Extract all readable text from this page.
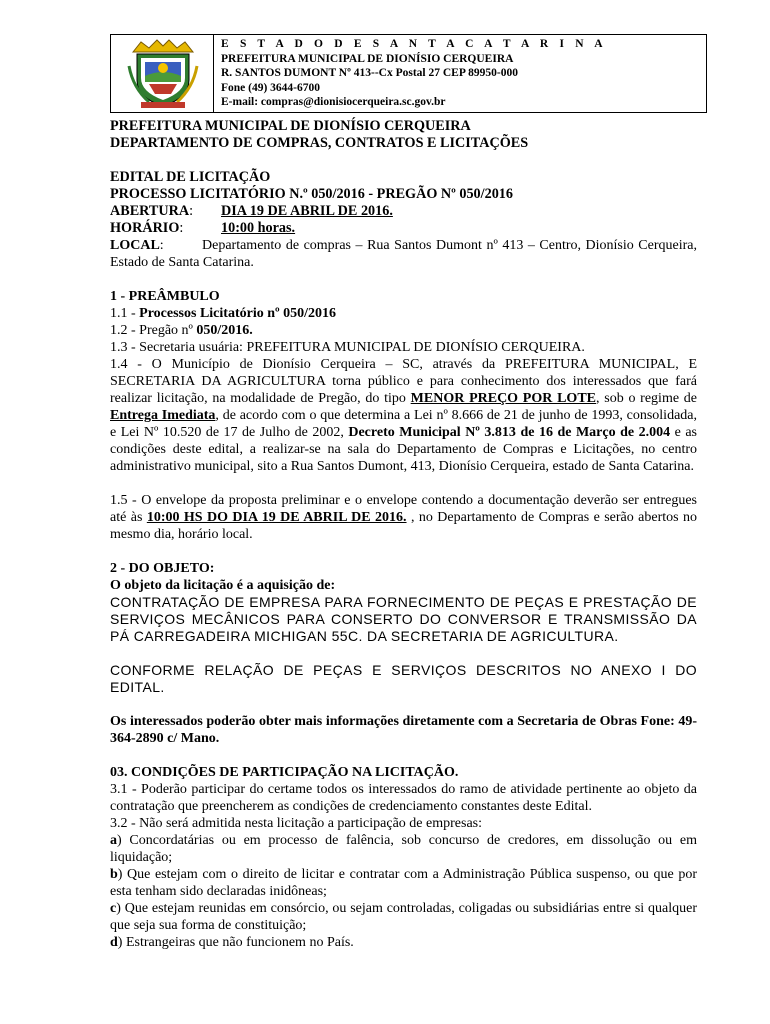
E S T A D O D E S A N T A C A T A R I N A
PREFEITURA MUNICIPAL DE DIONÍSIO CERQUEIRA
R. SANTOS DUMONT Nº 413--Cx Postal 27 CEP 89950-000
Fone (49) 3644-6700
E-mail: compras@dionisiocerqueira.sc.gov.br

PREFEITURA MUNICIPAL DE DIONÍSIO CERQUEIRA

DEPARTAMENTO DE COMPRAS, CONTRATOS E LICITAÇÕES

EDITAL DE LICITAÇÃO

PROCESSO LICITATÓRIO N.º 050/2016 - PREGÃO Nº 050/2016

ABERTURA: DIA 19 DE ABRIL DE 2016.

HORÁRIO:	10:00 horas.

LOCAL:	Departamento de compras – Rua Santos Dumont nº 413 – Centro, Dionísio Cerqueira, Estado de Santa Catarina.

1 - PREÂMBULO

1.1 - Processos Licitatório nº 050/2016

1.2 - Pregão nº 050/2016.

1.3 - Secretaria usuária: PREFEITURA MUNICIPAL DE DIONÍSIO CERQUEIRA.

1.4 - O Município de Dionísio Cerqueira – SC, através da PREFEITURA MUNICIPAL, E SECRETARIA DA AGRICULTURA torna público e para conhecimento dos interessados que fará realizar licitação, na modalidade de Pregão, do tipo MENOR PREÇO POR LOTE, sob o regime de Entrega Imediata, de acordo com o que determina a Lei nº 8.666 de 21 de junho de 1993, consolidada, e Lei Nº 10.520 de 17 de Julho de 2002, Decreto Municipal Nº 3.813 de 16 de Março de 2.004 e as condições deste edital, a realizar-se na sala do Departamento de Compras e Licitações, no centro administrativo municipal, sito a Rua Santos Dumont, 413, Dionísio Cerqueira, estado de Santa Catarina.

1.5 - O envelope da proposta preliminar e o envelope contendo a documentação deverão ser entregues até às 10:00 HS DO DIA 19 DE ABRIL DE 2016. , no Departamento de Compras e serão abertos no mesmo dia, horário local.

2 - DO OBJETO:

O objeto da licitação é a aquisição de:

CONTRATAÇÃO DE EMPRESA PARA FORNECIMENTO DE PEÇAS E PRESTAÇÃO DE SERVIÇOS MECÂNICOS PARA CONSERTO DO CONVERSOR E TRANSMISSÃO DA PÁ CARREGADEIRA MICHIGAN 55C. DA SECRETARIA DE AGRICULTURA.

CONFORME RELAÇÃO DE PEÇAS E SERVIÇOS DESCRITOS NO ANEXO I DO EDITAL.

Os interessados poderão obter mais informações diretamente com a Secretaria de Obras Fone: 49-364-2890 c/ Mano.

03. CONDIÇÕES DE PARTICIPAÇÃO NA LICITAÇÃO.

3.1 - Poderão participar do certame todos os interessados do ramo de atividade pertinente ao objeto da contratação que preencherem as condições de credenciamento constantes deste Edital.

3.2 - Não será admitida nesta licitação a participação de empresas:

a) Concordatárias ou em processo de falência, sob concurso de credores, em dissolução ou em liquidação;

b) Que estejam com o direito de licitar e contratar com a Administração Pública suspenso, ou que por esta tenham sido declaradas inidôneas;

c) Que estejam reunidas em consórcio, ou sejam controladas, coligadas ou subsidiárias entre si qualquer que seja sua forma de constituição;

d) Estrangeiras que não funcionem no País.
